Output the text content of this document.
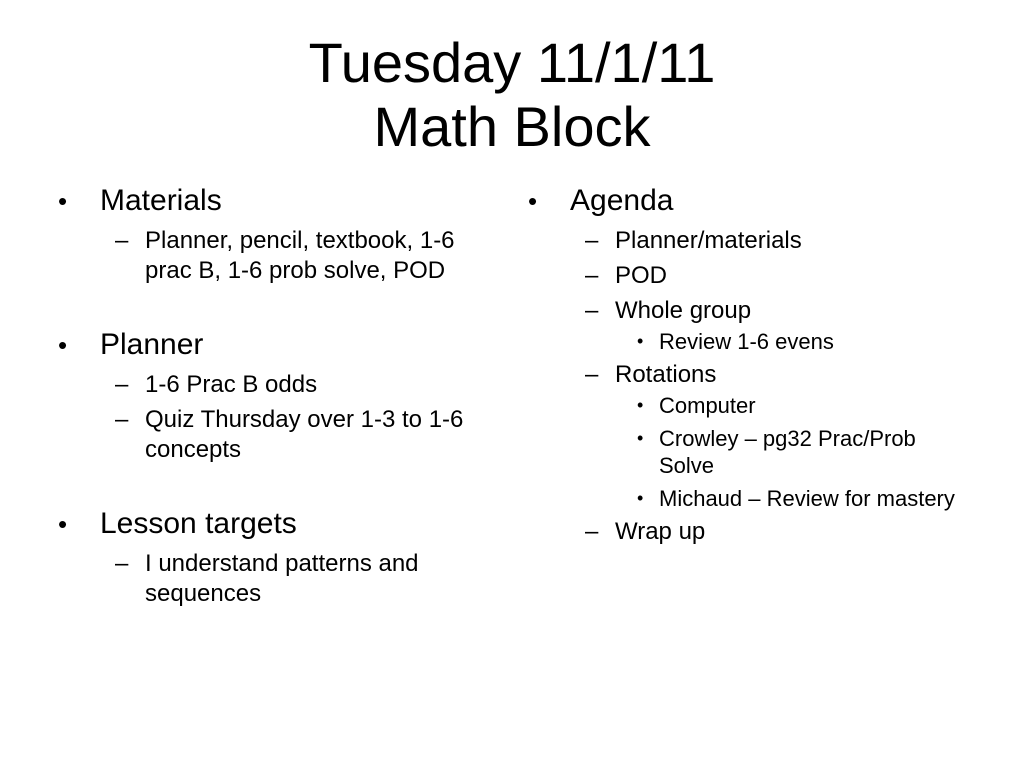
Tuesday 11/1/11
Math Block
• Materials
– Planner, pencil, textbook, 1-6 prac B, 1-6 prob solve, POD
• Planner
– 1-6 Prac B odds
– Quiz Thursday over 1-3 to 1-6 concepts
• Lesson targets
– I understand patterns and sequences
• Agenda
– Planner/materials
– POD
– Whole group
• Review 1-6 evens
– Rotations
• Computer
• Crowley – pg32 Prac/Prob Solve
• Michaud – Review for mastery
– Wrap up
